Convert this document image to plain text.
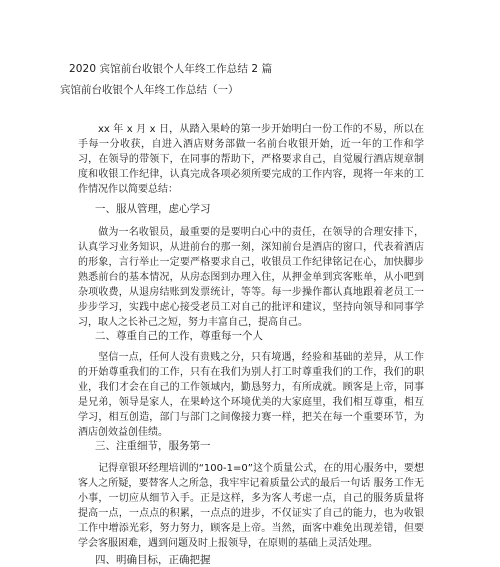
2020 宾馆前台收银个人年终工作总结 2 篇
宾馆前台收银个人年终工作总结（一）
  xx 年 x 月 x 日，从踏入果岭的第一步开始明白一份工作的不易，所以在手每一分收获，自进入酒店财务部做一名前台收银开始，近一年的工作和学习，在领导的带领下，在同事的帮助下，严格要求自己，自觉履行酒店规章制度和收银工作纪律，认真完成各项必须所要完成的工作内容，现将一年来的工作情况作以简要总结：
一、服从管理，虑心学习
  做为一名收银员，最重要的是要明白心中的责任，在领导的合理安排下，认真学习业务知识，从进前台的那一刻，深知前台是酒店的窗口，代表着酒店的形象，言行举止一定要严格要求自己，收银员工作纪律铭记在心，加快脚步熟悉前台的基本情况，从房态图到办理入住，从押金单到宾客账单，从小吧到杂项收费，从退房结账到发票统计，等等。每一步操作都认真地跟着老员工一步步学习，实践中虑心接受老员工对自己的批评和建议，坚持向领导和同事学习，取人之长补己之短，努力丰富自己，提高自己。
二、尊重自己的工作，尊重每一个人
  坚信一点，任何人没有贵贱之分，只有境遇，经验和基础的差异，从工作的开始尊重我们的工作，只有在我们为别人打工时尊重我们的工作，我们的职业，我们才会在自己的工作领域内，勤恳努力，有所成就。顾客是上帝，同事是兄弟，领导是家人，在果岭这个环境优美的大家庭里，我们相互尊重，相互学习，相互创造，部门与部门之间像接力赛一样，把关在每一个重要环节，为酒店创效益创佳绩。
三、注重细节，服务第一
  记得章银环经理培训的“100-1=0”这个质量公式，在的用心服务中，要想客人之所疑，要替客人之所急，我牢牢记着质量公式的最后一句话 服务工作无小事，一切应从细节入手。正是这样，多为客人考虑一点，自己的服务质量将提高一点，一点点的积累，一点点的进步，不仅证实了自己的能力，也为收银工作中增添光彩，努力努力，顾客是上帝。当然，面客中难免出现差错，但要学会客服困难，遇到问题及时上报领导，在原则的基础上灵活处理。
四、明确目标，正确把握
